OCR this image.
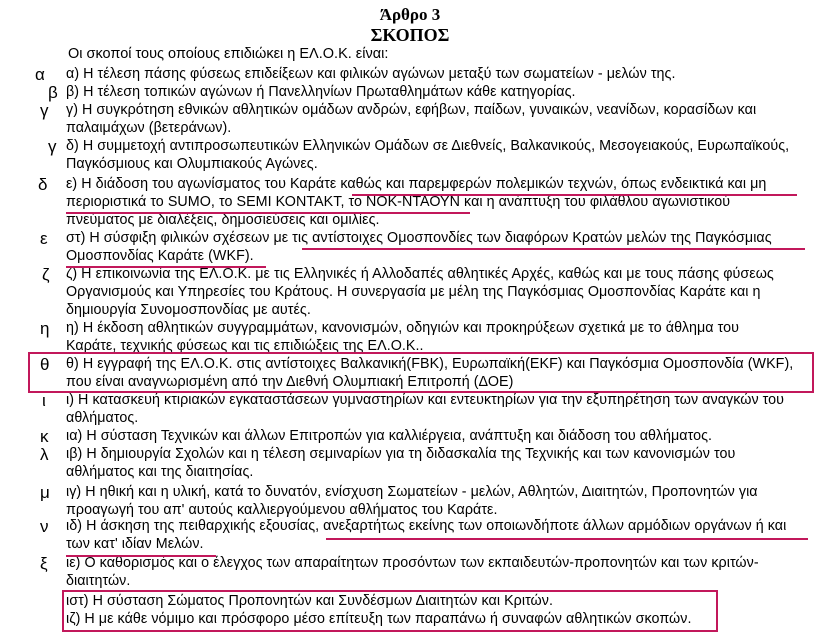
Άρθρο 3
ΣΚΟΠΟΣ
Οι σκοποί τους οποίους επιδιώκει η ΕΛ.Ο.Κ. είναι:
α
β
γ
γ
δ
ε
ζ
η
θ
ι
κ
λ
μ
ν
ξ
α) Η τέλεση πάσης φύσεως επιδείξεων και φιλικών αγώνων μεταξύ των σωματείων - μελών της.
β) Η τέλεση τοπικών αγώνων ή Πανελληνίων Πρωταθλημάτων κάθε κατηγορίας.
γ) Η συγκρότηση εθνικών αθλητικών ομάδων ανδρών, εφήβων, παίδων, γυναικών, νεανίδων, κορασίδων και
παλαιμάχων (βετεράνων).
δ) Η συμμετοχή αντιπροσωπευτικών Ελληνικών Ομάδων σε Διεθνείς, Βαλκανικούς, Μεσογειακούς, Ευρωπαϊκούς,
Παγκόσμιους και Ολυμπιακούς Αγώνες.
ε) Η διάδοση του αγωνίσματος του Καράτε καθώς και παρεμφερών πολεμικών τεχνών, όπως ενδεικτικά και μη
περιοριστικά το SUMO, το SEMI ΚΟΝΤΑΚΤ, το ΝΟΚ-ΝΤΑΟΥΝ και η ανάπτυξη του φιλάθλου αγωνιστικού
πνεύματος με διαλέξεις, δημοσιεύσεις και ομιλίες.
στ) Η σύσφιξη φιλικών σχέσεων με τις αντίστοιχες Ομοσπονδίες των διαφόρων Κρατών μελών της Παγκόσμιας
Ομοσπονδίας Καράτε (WKF).
ζ) Η επικοινωνία της ΕΛ.Ο.Κ. με τις Ελληνικές ή Αλλοδαπές αθλητικές Αρχές, καθώς και με τους πάσης φύσεως
Οργανισμούς και Υπηρεσίες του Κράτους. Η συνεργασία με μέλη της Παγκόσμιας Ομοσπονδίας Καράτε και η
δημιουργία Συνομοσπονδίας με αυτές.
η) Η έκδοση αθλητικών συγγραμμάτων, κανονισμών, οδηγιών και προκηρύξεων σχετικά με το άθλημα του
Καράτε, τεχνικής φύσεως και τις επιδιώξεις της ΕΛ.Ο.Κ..
θ) Η εγγραφή της ΕΛ.Ο.Κ. στις αντίστοιχες Βαλκανική(FBK), Ευρωπαϊκή(EKF) και Παγκόσμια Ομοσπονδία (WKF),
που είναι αναγνωρισμένη από την Διεθνή Ολυμπιακή Επιτροπή (ΔΟΕ)
ι) Η κατασκευή κτιριακών εγκαταστάσεων γυμναστηρίων και εντευκτηρίων για την εξυπηρέτηση των αναγκών του
αθλήματος.
ια) Η σύσταση Τεχνικών και άλλων Επιτροπών για καλλιέργεια, ανάπτυξη και διάδοση του αθλήματος.
ιβ) Η δημιουργία Σχολών και η τέλεση σεμιναρίων για τη διδασκαλία της Τεχνικής και των κανονισμών του
αθλήματος και της διαιτησίας.
ιγ) Η ηθική και η υλική, κατά το δυνατόν, ενίσχυση Σωματείων - μελών, Αθλητών, Διαιτητών, Προπονητών για
προαγωγή του απ' αυτούς καλλιεργούμενου αθλήματος του Καράτε.
ιδ) Η άσκηση της πειθαρχικής εξουσίας, ανεξαρτήτως εκείνης των οποιωνδήποτε άλλων αρμόδιων οργάνων ή και
των κατ' ιδίαν Μελών.
ιε) Ο καθορισμός και ο έλεγχος των απαραίτητων προσόντων των εκπαιδευτών-προπονητών και των κριτών-
διαιτητών.
ιστ) Η σύσταση Σώματος Προπονητών και Συνδέσμων Διαιτητών και Κριτών.
ιζ) Η με κάθε νόμιμο και πρόσφορο μέσο επίτευξη των παραπάνω ή συναφών αθλητικών σκοπών.
